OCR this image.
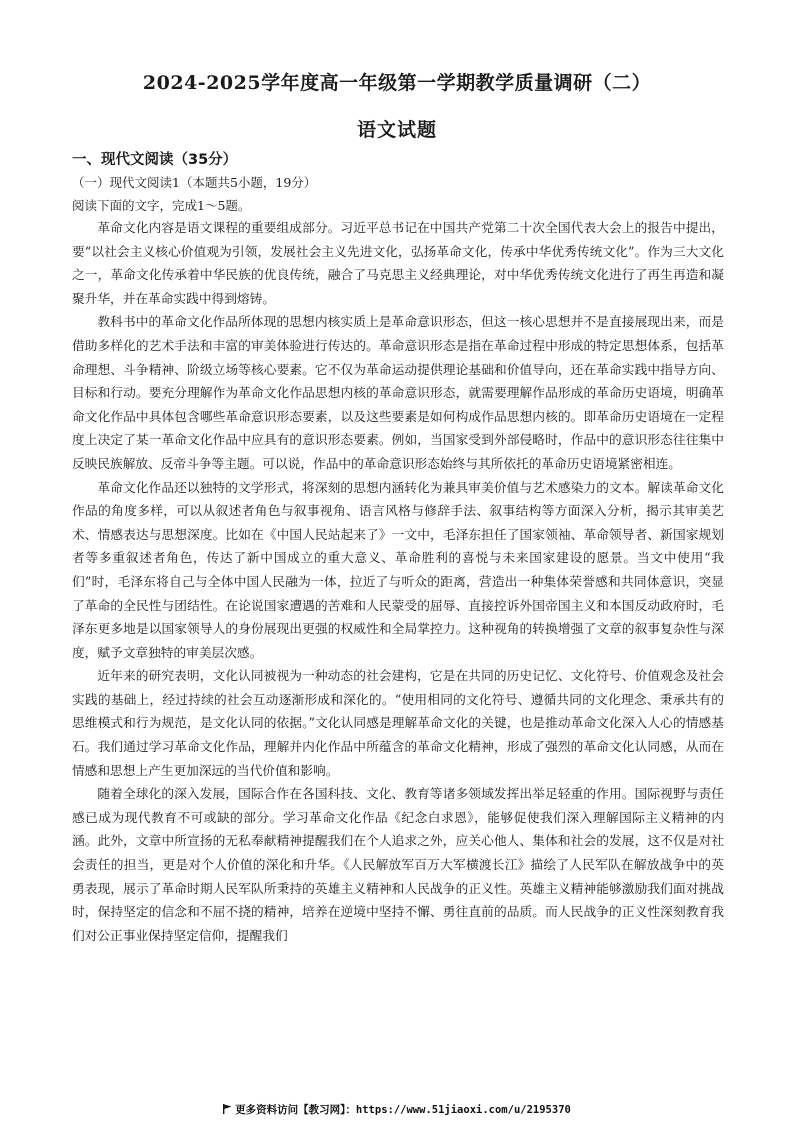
2024-2025学年度高一年级第一学期教学质量调研（二）
语文试题
一、现代文阅读（35分）
（一）现代文阅读1（本题共5小题，19分）
阅读下面的文字，完成1～5题。

革命文化内容是语文课程的重要组成部分。习近平总书记在中国共产党第二十次全国代表大会上的报告中提出，要“以社会主义核心价值观为引领，发展社会主义先进文化，弘扬革命文化，传承中华优秀传统文化”。作为三大文化之一，革命文化传承着中华民族的优良传统，融合了马克思主义经典理论，对中华优秀传统文化进行了再生再造和凝聚升华，并在革命实践中得到熔铸。

教科书中的革命文化作品所体现的思想内核实质上是革命意识形态，但这一核心思想并不是直接展现出来，而是借助多样化的艺术手法和丰富的审美体验进行传达的。革命意识形态是指在革命过程中形成的特定思想体系，包括革命理想、斗争精神、阶级立场等核心要素。它不仅为革命运动提供理论基础和价值导向，还在革命实践中指导方向、目标和行动。要充分理解作为革命文化作品思想内核的革命意识形态，就需要理解作品形成的革命历史语境，明确革命文化作品中具体包含哪些革命意识形态要素，以及这些要素是如何构成作品思想内核的。即革命历史语境在一定程度上决定了某一革命文化作品中应具有的意识形态要素。例如，当国家受到外部侵略时，作品中的意识形态往往集中反映民族解放、反帝斗争等主题。可以说，作品中的革命意识形态始终与其所依托的革命历史语境紧密相连。

革命文化作品还以独特的文学形式，将深刻的思想内涵转化为兼具审美价值与艺术感染力的文本。解读革命文化作品的角度多样，可以从叙述者角色与叙事视角、语言风格与修辞手法、叙事结构等方面深入分析，揭示其审美艺术、情感表达与思想深度。比如在《中国人民站起来了》一文中，毛泽东担任了国家领袖、革命领导者、新国家规划者等多重叙述者角色，传达了新中国成立的重大意义、革命胜利的喜悦与未来国家建设的愿景。当文中使用“我们”时，毛泽东将自己与全体中国人民融为一体，拉近了与听众的距离，营造出一种集体荣誉感和共同体意识，突显了革命的全民性与团结性。在论说国家遭遇的苦难和人民蒙受的屈辱、直接控诉外国帝国主义和本国反动政府时，毛泽东更多地是以国家领导人的身份展现出更强的权威性和全局掌控力。这种视角的转换增强了文章的叙事复杂性与深度，赋予文章独特的审美层次感。

近年来的研究表明，文化认同被视为一种动态的社会建构，它是在共同的历史记忆、文化符号、价值观念及社会实践的基础上，经过持续的社会互动逐渐形成和深化的。“使用相同的文化符号、遵循共同的文化理念、秉承共有的思维模式和行为规范，是文化认同的依据。”文化认同感是理解革命文化的关键，也是推动革命文化深入人心的情感基石。我们通过学习革命文化作品，理解并内化作品中所蕴含的革命文化精神，形成了强烈的革命文化认同感，从而在情感和思想上产生更加深远的当代价值和影响。

随着全球化的深入发展，国际合作在各国科技、文化、教育等诸多领域发挥出举足轻重的作用。国际视野与责任感已成为现代教育不可或缺的部分。学习革命文化作品《纪念白求恩》，能够促使我们深入理解国际主义精神的内涵。此外，文章中所宣扬的无私奉献精神提醒我们在个人追求之外，应关心他人、集体和社会的发展，这不仅是对社会责任的担当，更是对个人价值的深化和升华。《人民解放军百万大军横渡长江》描绘了人民军队在解放战争中的英勇表现，展示了革命时期人民军队所秉持的英雄主义精神和人民战争的正义性。英雄主义精神能够激励我们面对挑战时，保持坚定的信念和不屈不挠的精神，培养在逆境中坚持不懈、勇往直前的品质。而人民战争的正义性深刻教育我们对公正事业保持坚定信仰，提醒我们

更多资料访问【教习网】：https://www.51jiaoxi.com/u/2195370
